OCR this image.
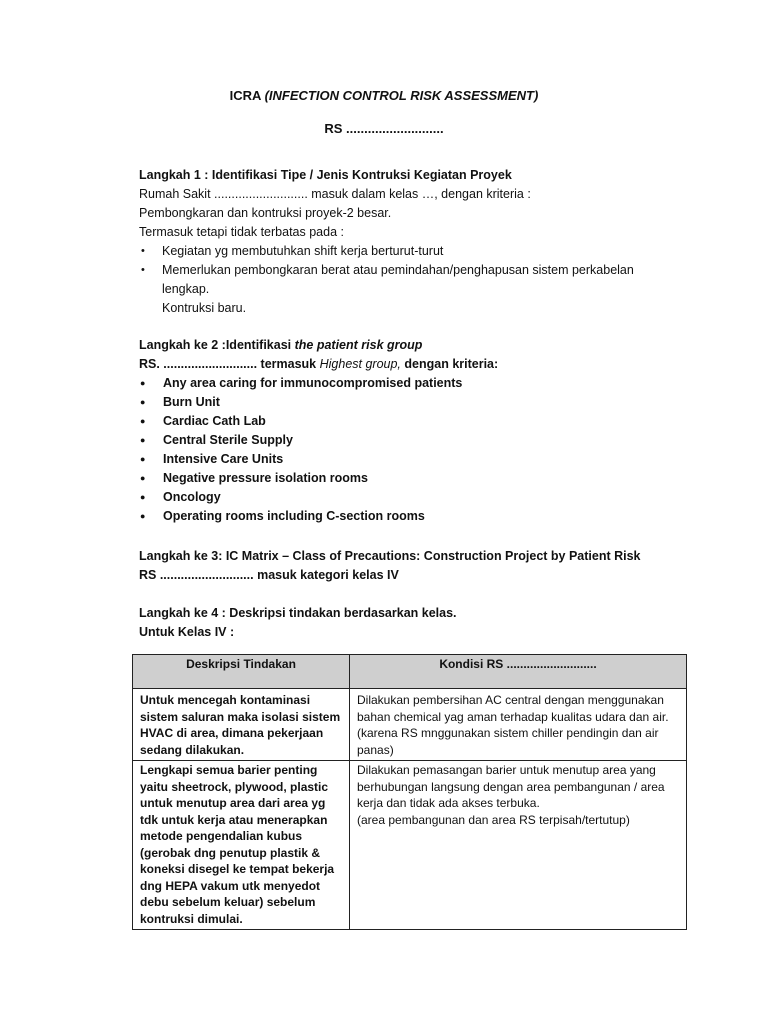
ICRA (INFECTION CONTROL RISK ASSESSMENT)
RS ...........................
Langkah 1 : Identifikasi Tipe / Jenis Kontruksi Kegiatan Proyek
Rumah Sakit ........................... masuk dalam kelas …, dengan kriteria :
Pembongkaran dan kontruksi proyek-2 besar.
Termasuk tetapi tidak terbatas pada :
• Kegiatan yg membutuhkan shift kerja berturut-turut
• Memerlukan pembongkaran berat atau pemindahan/penghapusan sistem perkabelan lengkap.
Kontruksi baru.
Langkah ke 2 :Identifikasi the patient risk group
RS. ........................... termasuk Highest group, dengan kriteria:
● Any area caring for immunocompromised patients
● Burn Unit
● Cardiac Cath Lab
● Central Sterile Supply
● Intensive Care Units
● Negative pressure isolation rooms
● Oncology
● Operating rooms including C-section rooms
Langkah ke 3: IC Matrix – Class of Precautions: Construction Project by Patient Risk
RS ........................... masuk kategori kelas IV
Langkah ke 4 : Deskripsi tindakan berdasarkan kelas.
Untuk Kelas IV :
Deskripsi Tindakan	Kondisi RS ...........................
Untuk mencegah kontaminasi sistem saluran maka isolasi sistem HVAC di area, dimana pekerjaan sedang dilakukan.	Dilakukan pembersihan AC central dengan menggunakan bahan chemical yag aman terhadap kualitas udara dan air. (karena RS mnggunakan sistem chiller pendingin dan air panas)
Lengkapi semua barier penting yaitu sheetrock, plywood, plastic untuk menutup area dari area yg tdk untuk kerja atau menerapkan metode pengendalian kubus (gerobak dng penutup plastik & koneksi disegel ke tempat bekerja dng HEPA vakum utk menyedot debu sebelum keluar) sebelum kontruksi dimulai.	Dilakukan pemasangan barier untuk menutup area yang berhubungan langsung dengan area pembangunan / area kerja dan tidak ada akses terbuka.
(area pembangunan dan area RS terpisah/tertutup)
